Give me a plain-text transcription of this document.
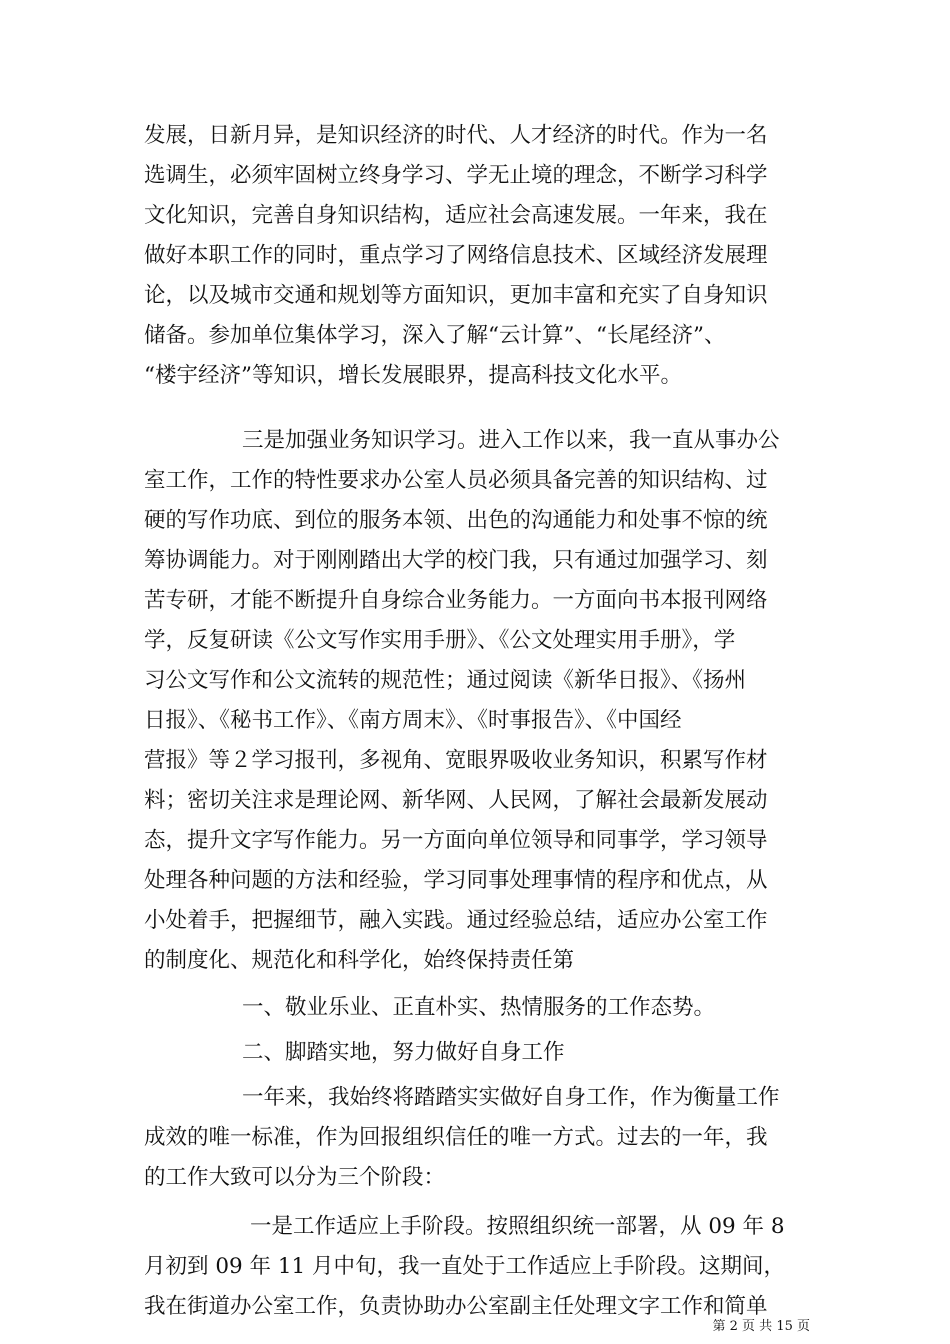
发展，日新月异，是知识经济的时代、人才经济的时代。作为一名
选调生，必须牢固树立终身学习、学无止境的理念，不断学习科学
文化知识，完善自身知识结构，适应社会高速发展。一年来，我在
做好本职工作的同时，重点学习了网络信息技术、区域经济发展理
论，以及城市交通和规划等方面知识，更加丰富和充实了自身知识
储备。参加单位集体学习，深入了解“云计算”、“长尾经济”、
“楼宇经济”等知识，增长发展眼界，提高科技文化水平。
三是加强业务知识学习。进入工作以来，我一直从事办公
室工作，工作的特性要求办公室人员必须具备完善的知识结构、过
硬的写作功底、到位的服务本领、出色的沟通能力和处事不惊的统
筹协调能力。对于刚刚踏出大学的校门我，只有通过加强学习、刻
苦专研，才能不断提升自身综合业务能力。一方面向书本报刊网络
学，反复研读《公文写作实用手册》、《公文处理实用手册》，学
习公文写作和公文流转的规范性；通过阅读《新华日报》、《扬州
日报》、《秘书工作》、《南方周末》、《时事报告》、《中国经
营报》等２学习报刊，多视角、宽眼界吸收业务知识，积累写作材
料；密切关注求是理论网、新华网、人民网，了解社会最新发展动
态，提升文字写作能力。另一方面向单位领导和同事学，学习领导
处理各种问题的方法和经验，学习同事处理事情的程序和优点，从
小处着手，把握细节，融入实践。通过经验总结，适应办公室工作
的制度化、规范化和科学化，始终保持责任第
一、敬业乐业、正直朴实、热情服务的工作态势。
二、脚踏实地，努力做好自身工作
一年来，我始终将踏踏实实做好自身工作，作为衡量工作
成效的唯一标准，作为回报组织信任的唯一方式。过去的一年，我
的工作大致可以分为三个阶段：
一是工作适应上手阶段。按照组织统一部署，从 09 年 8
月初到 09 年 11 月中旬，我一直处于工作适应上手阶段。这期间，
我在街道办公室工作，负责协助办公室副主任处理文字工作和简单
第 2 页 共 15 页
